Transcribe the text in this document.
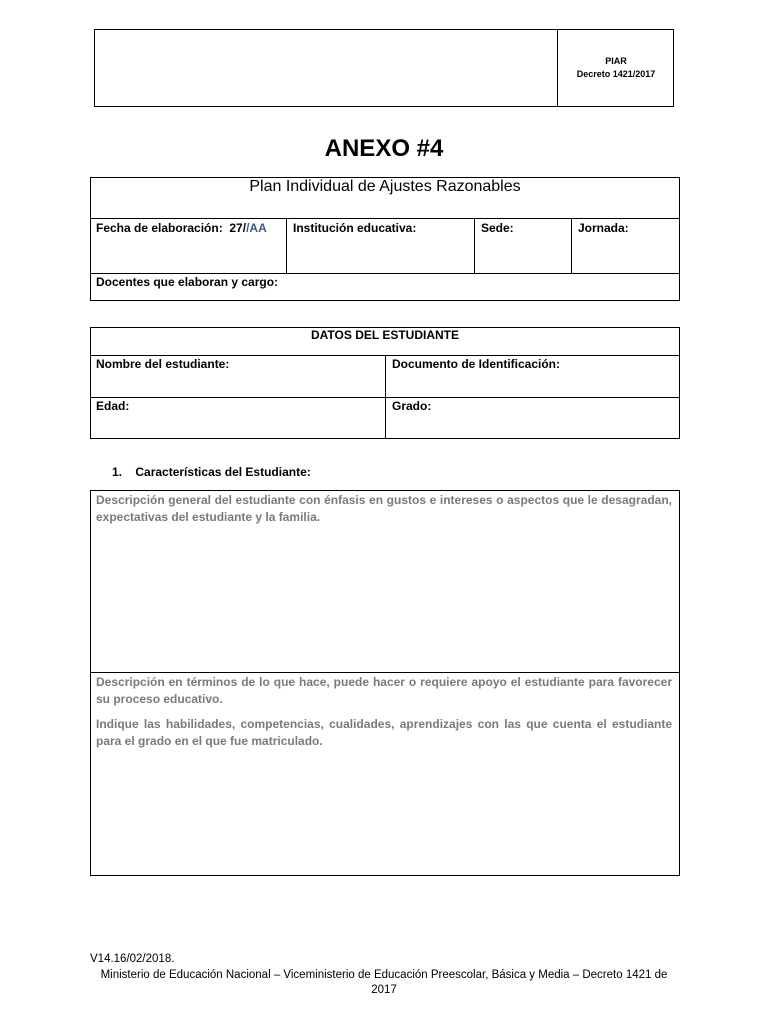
PIAR
Decreto 1421/2017
ANEXO #4
Plan Individual de Ajustes Razonables
Fecha de elaboración: 27//AA Institución educativa:	Sede:	Jornada:
Docentes que elaboran y cargo:
DATOS DEL ESTUDIANTE
Nombre del estudiante:	Documento de Identificación:
Edad:	Grado:
1. Características del Estudiante:
Descripción general del estudiante con énfasis en gustos e intereses o aspectos que le desagradan, expectativas del estudiante y la familia.
Descripción en términos de lo que hace, puede hacer o requiere apoyo el estudiante para favorecer su proceso educativo.
Indique las habilidades, competencias, cualidades, aprendizajes con las que cuenta el estudiante para el grado en el que fue matriculado.
V14.16/02/2018.
Ministerio de Educación Nacional – Viceministerio de Educación Preescolar, Básica y Media – Decreto 1421 de 2017
